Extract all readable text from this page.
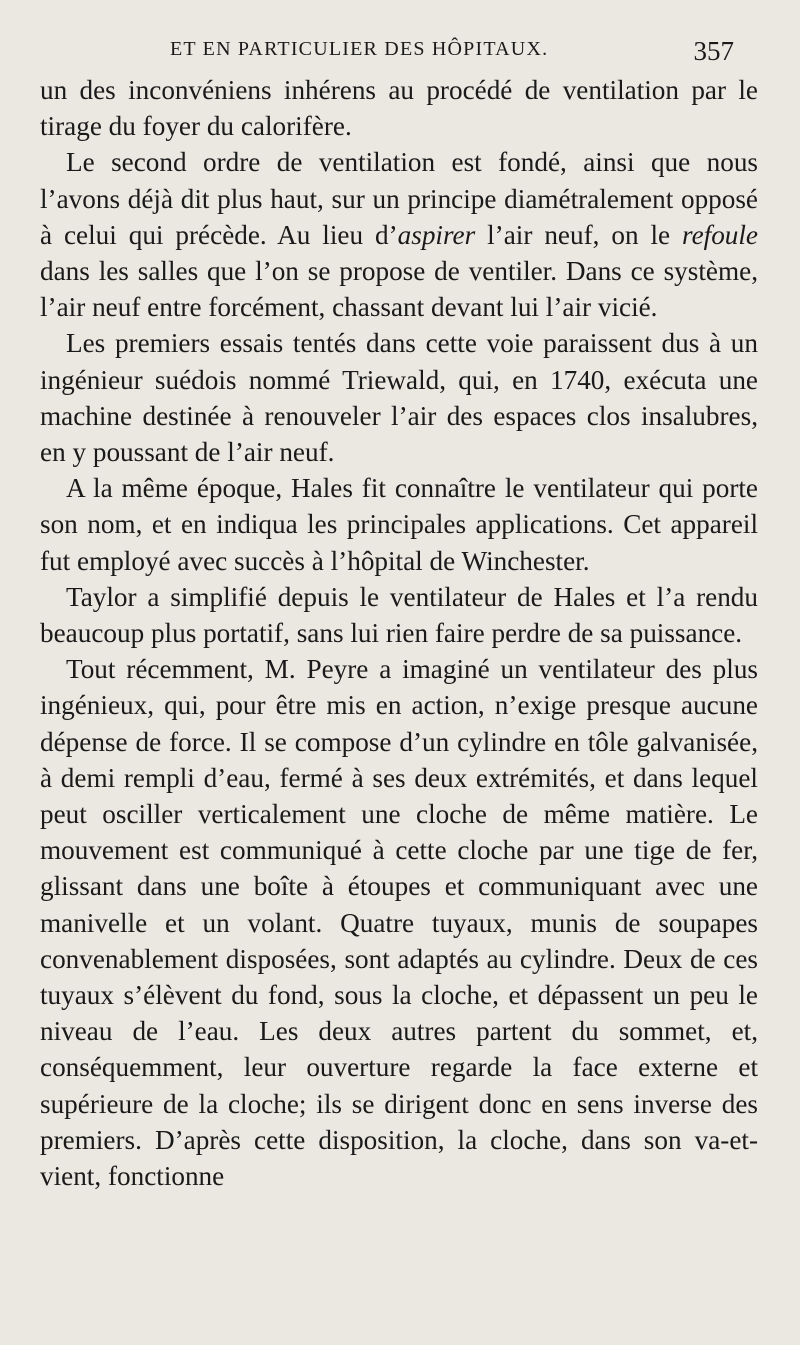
ET EN PARTICULIER DES HÔPITAUX.	357

un des inconvéniens inhérens au procédé de ventilation par le tirage du foyer du calorifère.

Le second ordre de ventilation est fondé, ainsi que nous l’avons déjà dit plus haut, sur un principe diamétralement opposé à celui qui précède. Au lieu d’aspirer l’air neuf, on le refoule dans les salles que l’on se propose de ventiler. Dans ce système, l’air neuf entre forcément, chassant devant lui l’air vicié.

Les premiers essais tentés dans cette voie paraissent dus à un ingénieur suédois nommé Triewald, qui, en 1740, exécuta une machine destinée à renouveler l’air des espaces clos insalubres, en y poussant de l’air neuf.

A la même époque, Hales fit connaître le ventilateur qui porte son nom, et en indiqua les principales applications. Cet appareil fut employé avec succès à l’hôpital de Winchester.

Taylor a simplifié depuis le ventilateur de Hales et l’a rendu beaucoup plus portatif, sans lui rien faire perdre de sa puissance.

Tout récemment, M. Peyre a imaginé un ventilateur des plus ingénieux, qui, pour être mis en action, n’exige presque aucune dépense de force. Il se compose d’un cylindre en tôle galvanisée, à demi rempli d’eau, fermé à ses deux extrémités, et dans lequel peut osciller verticalement une cloche de même matière. Le mouvement est communiqué à cette cloche par une tige de fer, glissant dans une boîte à étoupes et communiquant avec une manivelle et un volant. Quatre tuyaux, munis de soupapes convenablement disposées, sont adaptés au cylindre. Deux de ces tuyaux s’élèvent du fond, sous la cloche, et dépassent un peu le niveau de l’eau. Les deux autres partent du sommet, et, conséquemment, leur ouverture regarde la face externe et supérieure de la cloche; ils se dirigent donc en sens inverse des premiers. D’après cette disposition, la cloche, dans son va-et-vient, fonctionne
